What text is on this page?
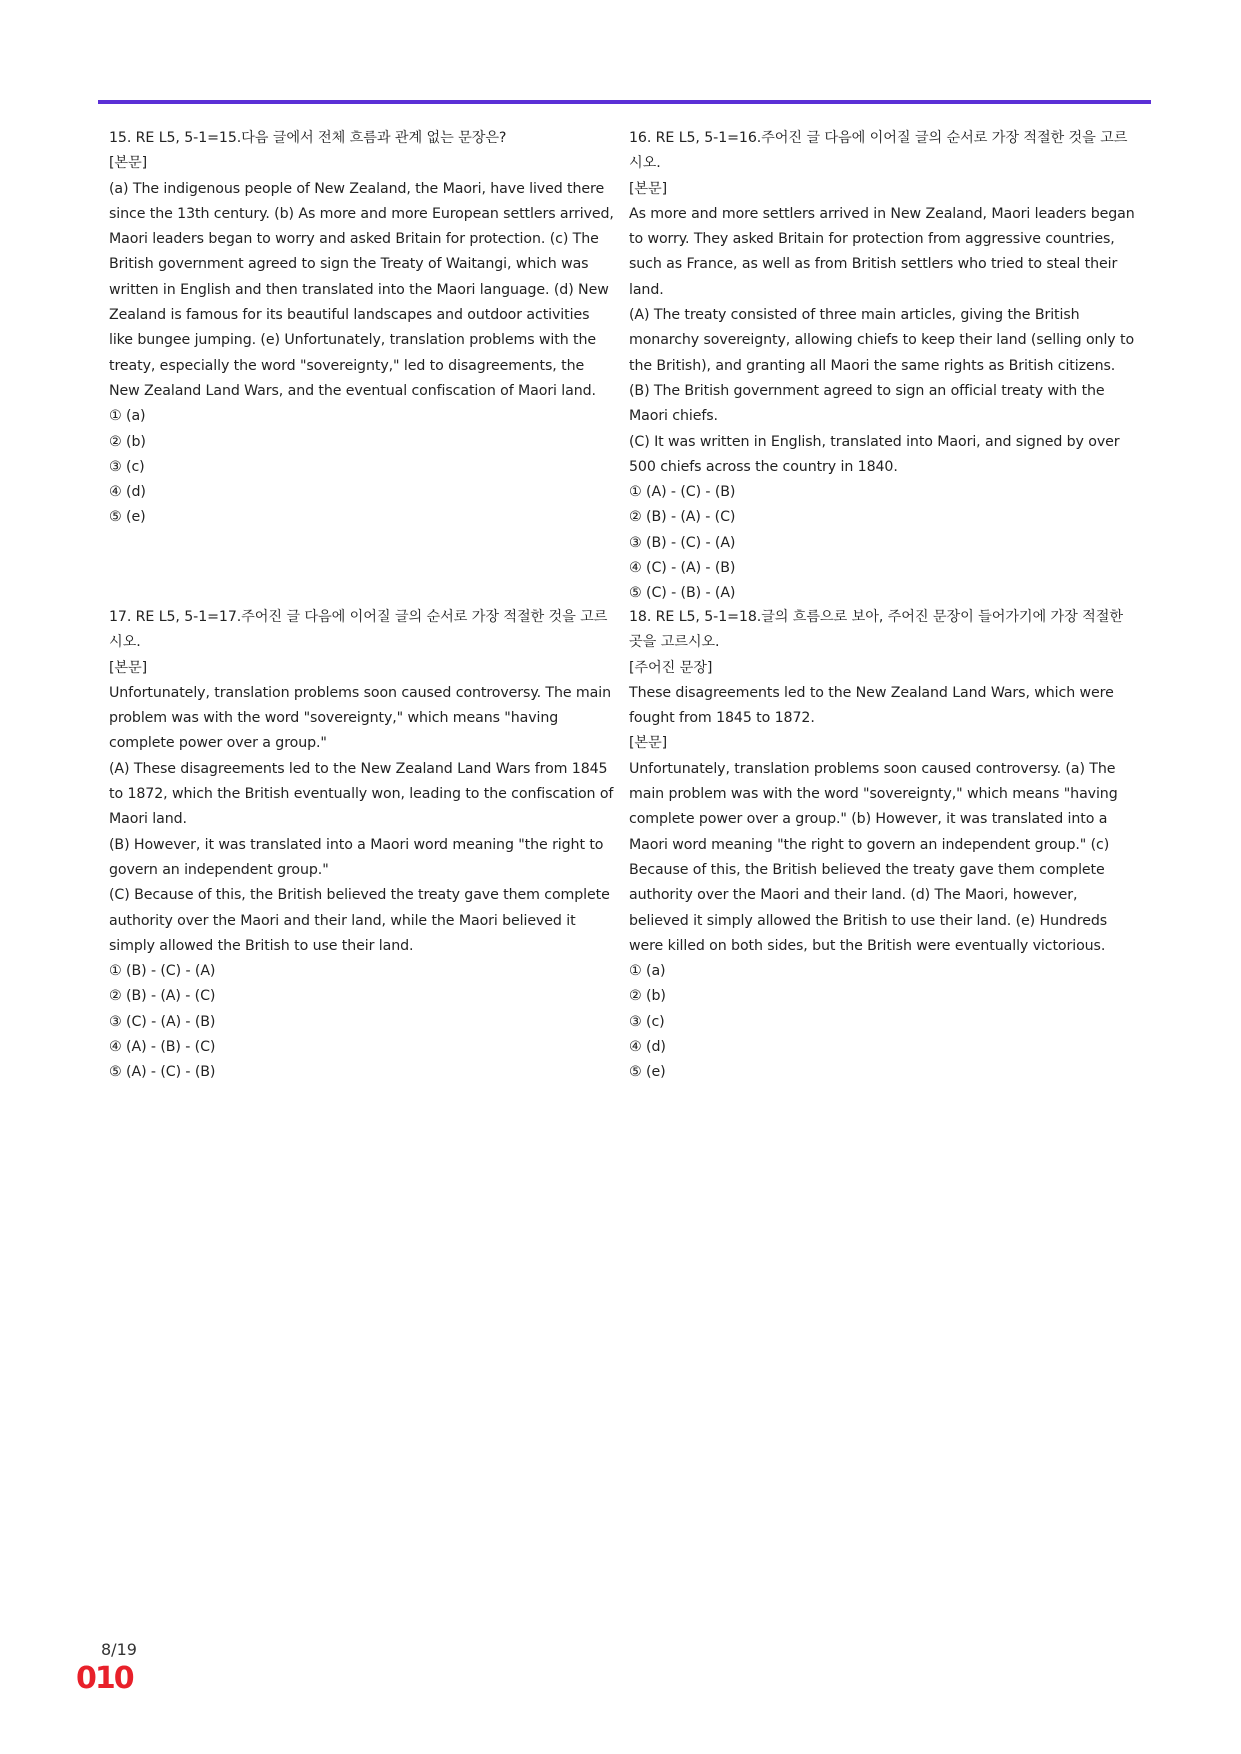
15. RE L5, 5-1=15.다음 글에서 전체 흐름과 관계 없는 문장은?

[본문]

(a) The indigenous people of New Zealand, the Maori, have lived there since the 13th century. (b) As more and more European settlers arrived, Maori leaders began to worry and asked Britain for protection. (c) The British government agreed to sign the Treaty of Waitangi, which was written in English and then translated into the Maori language. (d) New Zealand is famous for its beautiful landscapes and outdoor activities like bungee jumping. (e) Unfortunately, translation problems with the treaty, especially the word "sovereignty," led to disagreements, the New Zealand Land Wars, and the eventual confiscation of Maori land.

① (a)
② (b)
③ (c)
④ (d)
⑤ (e)

16. RE L5, 5-1=16.주어진 글 다음에 이어질 글의 순서로 가장 적절한 것을 고르시오.

[본문]

As more and more settlers arrived in New Zealand, Maori leaders began to worry. They asked Britain for protection from aggressive countries, such as France, as well as from British settlers who tried to steal their land.

(A) The treaty consisted of three main articles, giving the British monarchy sovereignty, allowing chiefs to keep their land (selling only to the British), and granting all Maori the same rights as British citizens.

(B) The British government agreed to sign an official treaty with the Maori chiefs.

(C) It was written in English, translated into Maori, and signed by over 500 chiefs across the country in 1840.

① (A) - (C) - (B)
② (B) - (A) - (C)
③ (B) - (C) - (A)
④ (C) - (A) - (B)
⑤ (C) - (B) - (A)

17. RE L5, 5-1=17.주어진 글 다음에 이어질 글의 순서로 가장 적절한 것을 고르시오.

[본문]

Unfortunately, translation problems soon caused controversy. The main problem was with the word "sovereignty," which means "having complete power over a group."

(A) These disagreements led to the New Zealand Land Wars from 1845 to 1872, which the British eventually won, leading to the confiscation of Maori land.

(B) However, it was translated into a Maori word meaning "the right to govern an independent group."

(C) Because of this, the British believed the treaty gave them complete authority over the Maori and their land, while the Maori believed it simply allowed the British to use their land.

① (B) - (C) - (A)
② (B) - (A) - (C)
③ (C) - (A) - (B)
④ (A) - (B) - (C)
⑤ (A) - (C) - (B)

18. RE L5, 5-1=18.글의 흐름으로 보아, 주어진 문장이 들어가기에 가장 적절한 곳을 고르시오.

[주어진 문장]

These disagreements led to the New Zealand Land Wars, which were fought from 1845 to 1872.

[본문]

Unfortunately, translation problems soon caused controversy. (a) The main problem was with the word "sovereignty," which means "having complete power over a group." (b) However, it was translated into a Maori word meaning "the right to govern an independent group." (c) Because of this, the British believed the treaty gave them complete authority over the Maori and their land. (d) The Maori, however, believed it simply allowed the British to use their land. (e) Hundreds were killed on both sides, but the British were eventually victorious.

① (a)
② (b)
③ (c)
④ (d)
⑤ (e)
8/19
010
